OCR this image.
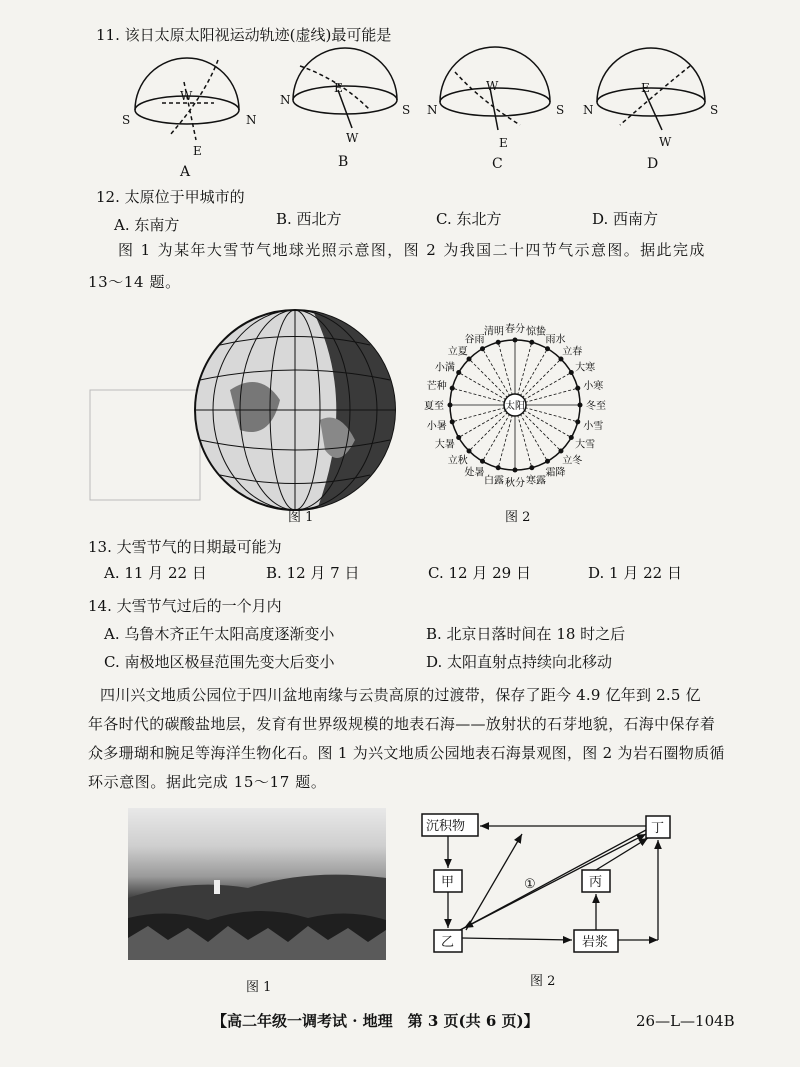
11. 该日太原太阳视运动轨迹(虚线)最可能是
S	N
W
E
A
N
S
E
W
B
N	S
W
E
C
N	S
E
W
D
12. 太原位于甲城市的
A. 东南方	B. 西北方	C. 东北方	D. 西南方
图 1 为某年大雪节气地球光照示意图，图 2 为我国二十四节气示意图。据此完成
13～14 题。
图 1
太阳
春分 惊蛰
雨水
立春
大寒
小寒
冬至
小雪
大雪
立冬
霜降
寒露
秋分
白露
处暑
立秋
大暑
小暑
夏至
芒种
小满
立夏
谷雨
清明
图 2
13. 大雪节气的日期最可能为
A. 11 月 22 日	B. 12 月 7 日	C. 12 月 29 日	D. 1 月 22 日
14. 大雪节气过后的一个月内
A. 乌鲁木齐正午太阳高度逐渐变小	B. 北京日落时间在 18 时之后
C. 南极地区极昼范围先变大后变小	D. 太阳直射点持续向北移动
四川兴文地质公园位于四川盆地南缘与云贵高原的过渡带，保存了距今 4.9 亿年到 2.5 亿
年各时代的碳酸盐地层，发育有世界级规模的地表石海——放射状的石芽地貌，石海中保存着
众多珊瑚和腕足等海洋生物化石。图 1 为兴文地质公园地表石海景观图，图 2 为岩石圈物质循
环示意图。据此完成 15～17 题。
图 1
沉积物	丁
甲	丙
乙	岩浆
①
图 2
【高二年级一调考试 · 地理　第 3 页(共 6 页)】	26—L—104B
